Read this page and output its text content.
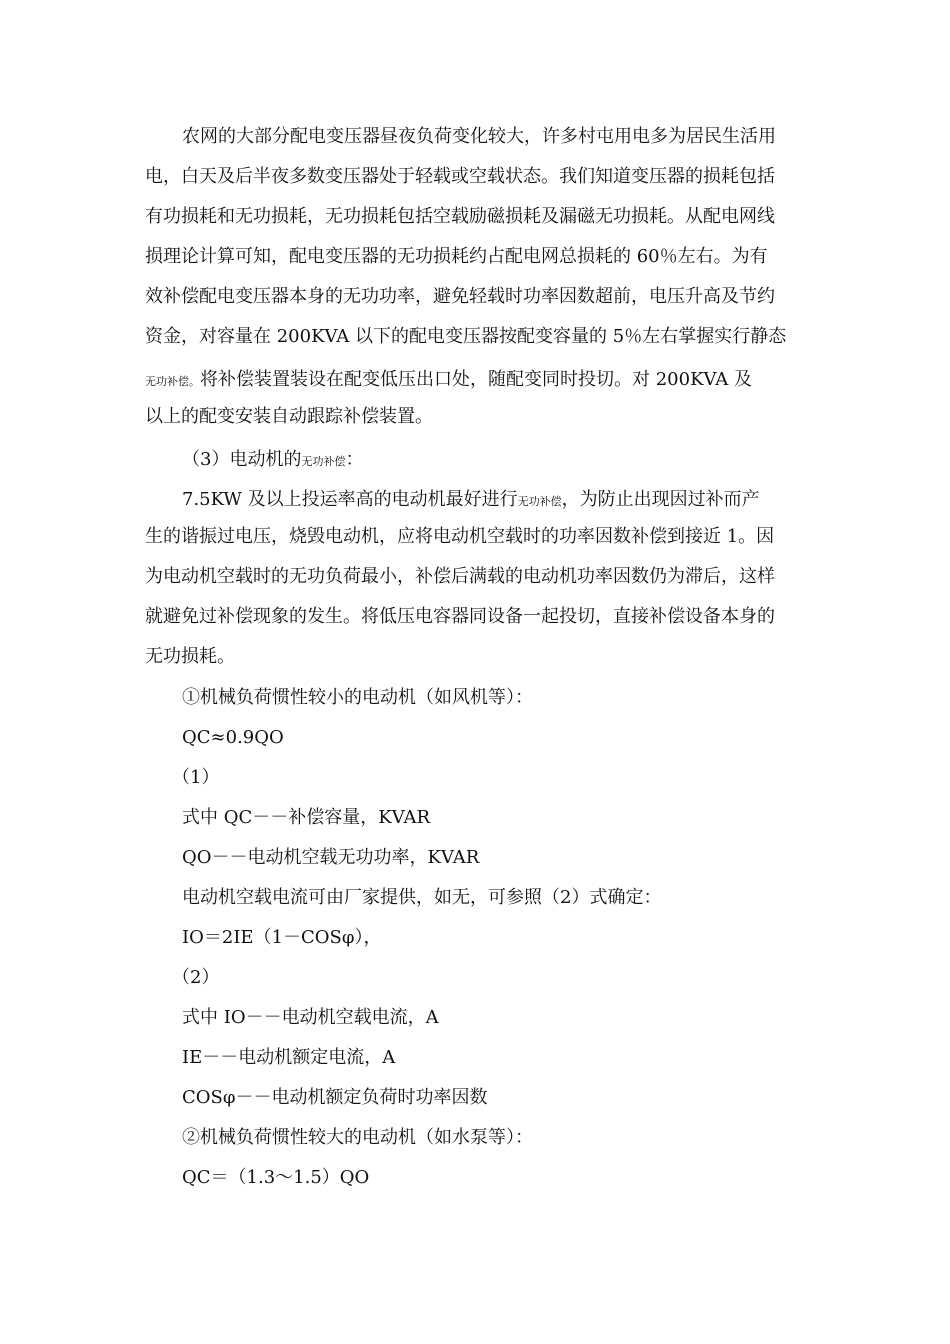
农网的大部分配电变压器昼夜负荷变化较大，许多村屯用电多为居民生活用
电，白天及后半夜多数变压器处于轻载或空载状态。我们知道变压器的损耗包括
有功损耗和无功损耗，无功损耗包括空载励磁损耗及漏磁无功损耗。从配电网线
损理论计算可知，配电变压器的无功损耗约占配电网总损耗的 60％左右。为有
效补偿配电变压器本身的无功功率，避免轻载时功率因数超前，电压升高及节约
资金，对容量在 200KVA 以下的配电变压器按配变容量的 5％左右掌握实行静态
无功补偿。将补偿装置装设在配变低压出口处，随配变同时投切。对 200KVA 及
以上的配变安装自动跟踪补偿装置。
（3）电动机的无功补偿：
7.5KW 及以上投运率高的电动机最好进行无功补偿，为防止出现因过补而产
生的谐振过电压，烧毁电动机，应将电动机空载时的功率因数补偿到接近 1。因
为电动机空载时的无功负荷最小，补偿后满载的电动机功率因数仍为滞后，这样
就避免过补偿现象的发生。将低压电容器同设备一起投切，直接补偿设备本身的
无功损耗。
①机械负荷惯性较小的电动机（如风机等）：
QC≈0.9QO
（1）
式中 QC－－补偿容量，KVAR
QO－－电动机空载无功功率，KVAR
电动机空载电流可由厂家提供，如无，可参照（2）式确定：
IO＝2IE（1－COSφ），
（2）
式中 IO－－电动机空载电流，A
IE－－电动机额定电流，A
COSφ－－电动机额定负荷时功率因数
②机械负荷惯性较大的电动机（如水泵等）：
QC＝（1.3～1.5）QO
